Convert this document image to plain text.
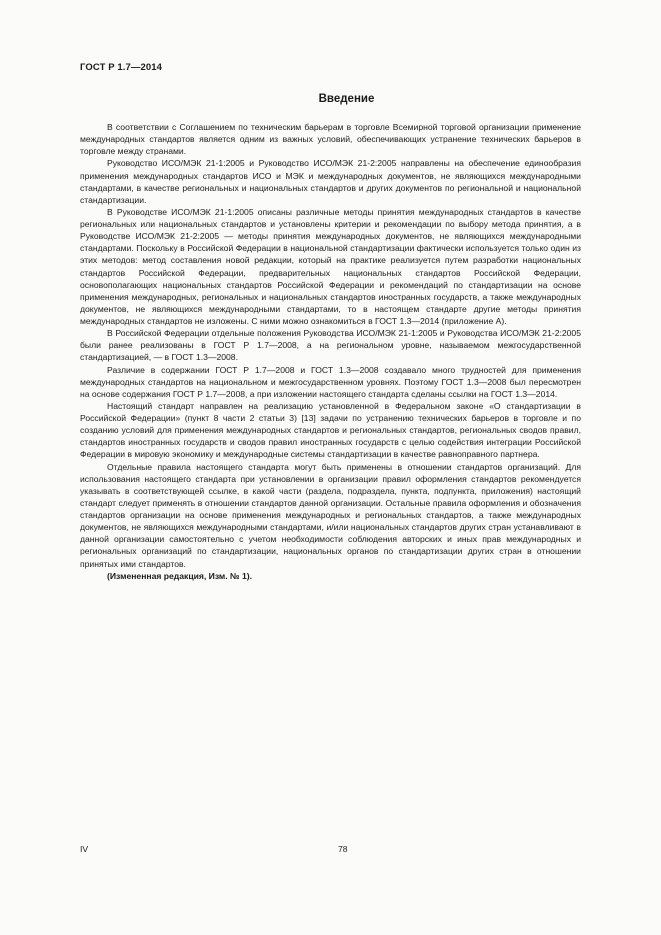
ГОСТ Р 1.7—2014
Введение

В соответствии с Соглашением по техническим барьерам в торговле Всемирной торговой организации применение международных стандартов является одним из важных условий, обеспечивающих устранение технических барьеров в торговле между странами.

Руководство ИСО/МЭК 21-1:2005 и Руководство ИСО/МЭК 21-2:2005 направлены на обеспечение единообразия применения международных стандартов ИСО и МЭК и международных документов, не являющихся международными стандартами, в качестве региональных и национальных стандартов и других документов по региональной и национальной стандартизации.

В Руководстве ИСО/МЭК 21-1:2005 описаны различные методы принятия международных стандартов в качестве региональных или национальных стандартов и установлены критерии и рекомендации по выбору метода принятия, а в Руководстве ИСО/МЭК 21-2:2005 — методы принятия международных документов, не являющихся международными стандартами. Поскольку в Российской Федерации в национальной стандартизации фактически используется только один из этих методов: метод составления новой редакции, который на практике реализуется путем разработки национальных стандартов Российской Федерации, предварительных национальных стандартов Российской Федерации, основополагающих национальных стандартов Российской Федерации и рекомендаций по стандартизации на основе применения международных, региональных и национальных стандартов иностранных государств, а также международных документов, не являющихся международными стандартами, то в настоящем стандарте другие методы принятия международных стандартов не изложены. С ними можно ознакомиться в ГОСТ 1.3—2014 (приложение А).

В Российской Федерации отдельные положения Руководства ИСО/МЭК 21-1:2005 и Руководства ИСО/МЭК 21-2:2005 были ранее реализованы в ГОСТ Р 1.7—2008, а на региональном уровне, называемом межгосударственной стандартизацией, — в ГОСТ 1.3—2008.

Различие в содержании ГОСТ Р 1.7—2008 и ГОСТ 1.3—2008 создавало много трудностей для применения международных стандартов на национальном и межгосударственном уровнях. Поэтому ГОСТ 1.3—2008 был пересмотрен на основе содержания ГОСТ Р 1.7—2008, а при изложении настоящего стандарта сделаны ссылки на ГОСТ 1.3—2014.

Настоящий стандарт направлен на реализацию установленной в Федеральном законе «О стандартизации в Российской Федерации» (пункт 8 части 2 статьи 3) [13] задачи по устранению технических барьеров в торговле и по созданию условий для применения международных стандартов и региональных стандартов, региональных сводов правил, стандартов иностранных государств и сводов правил иностранных государств с целью содействия интеграции Российской Федерации в мировую экономику и международные системы стандартизации в качестве равноправного партнера.

Отдельные правила настоящего стандарта могут быть применены в отношении стандартов организаций. Для использования настоящего стандарта при установлении в организации правил оформления стандартов рекомендуется указывать в соответствующей ссылке, в какой части (раздела, подраздела, пункта, подпункта, приложения) настоящий стандарт следует применять в отношении стандартов данной организации. Остальные правила оформления и обозначения стандартов организации на основе применения международных и региональных стандартов, а также международных документов, не являющихся международными стандартами, и/или национальных стандартов других стран устанавливают в данной организации самостоятельно с учетом необходимости соблюдения авторских и иных прав международных и региональных организаций по стандартизации, национальных органов по стандартизации других стран в отношении принятых ими стандартов.

(Измененная редакция, Изм. № 1).

IV	78
